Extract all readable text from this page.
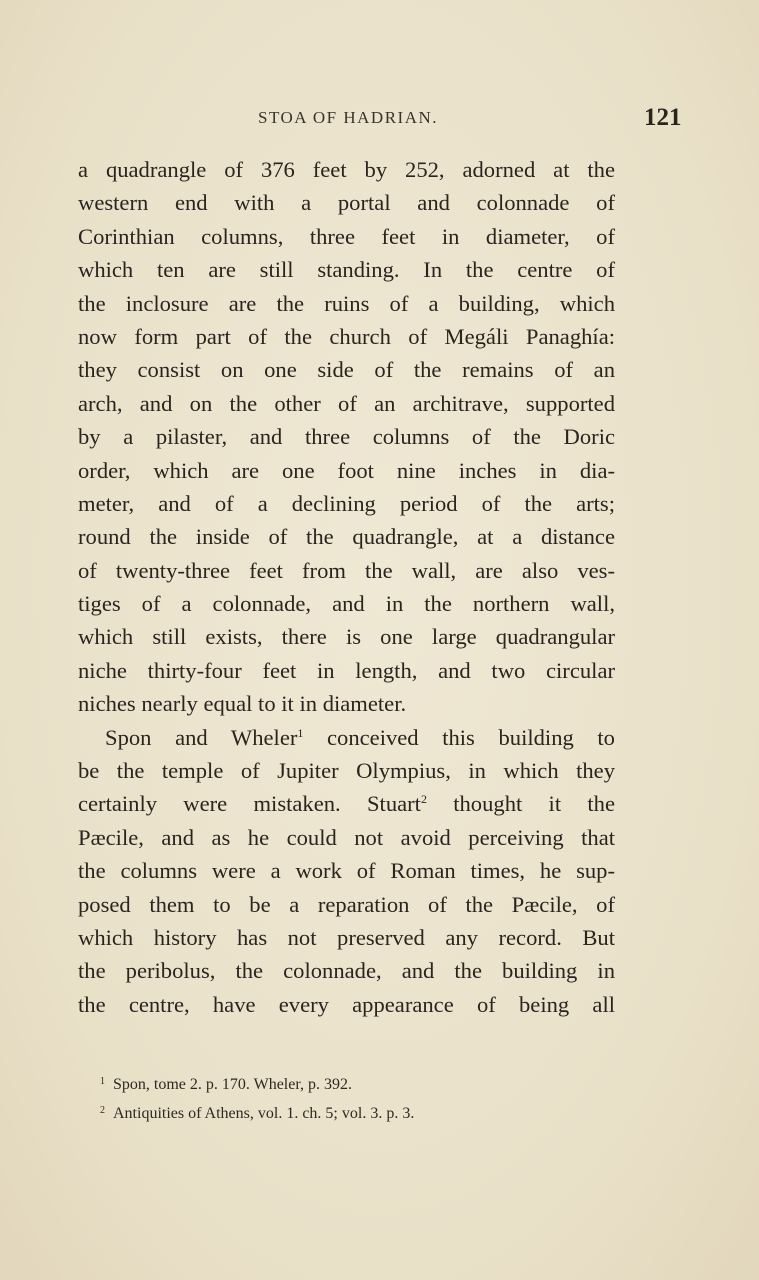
STOA OF HADRIAN.	121
a quadrangle of 376 feet by 252, adorned at the
western end with a portal and colonnade of
Corinthian columns, three feet in diameter, of
which ten are still standing. In the centre of
the inclosure are the ruins of a building, which
now form part of the church of Megáli Panaghía:
they consist on one side of the remains of an
arch, and on the other of an architrave, supported
by a pilaster, and three columns of the Doric
order, which are one foot nine inches in dia-
meter, and of a declining period of the arts;
round the inside of the quadrangle, at a distance
of twenty-three feet from the wall, are also ves-
tiges of a colonnade, and in the northern wall,
which still exists, there is one large quadrangular
niche thirty-four feet in length, and two circular
niches nearly equal to it in diameter.
Spon and Wheler$^1$ conceived this building to
be the temple of Jupiter Olympius, in which they
certainly were mistaken. Stuart$^2$ thought it the
Pæcile, and as he could not avoid perceiving that
the columns were a work of Roman times, he sup-
posed them to be a reparation of the Pæcile, of
which history has not preserved any record. But
the peribolus, the colonnade, and the building in
the centre, have every appearance of being all
$^1$ Spon, tome 2. p. 170. Wheler, p. 392.
$^2$ Antiquities of Athens, vol. 1. ch. 5; vol. 3. p. 3.
